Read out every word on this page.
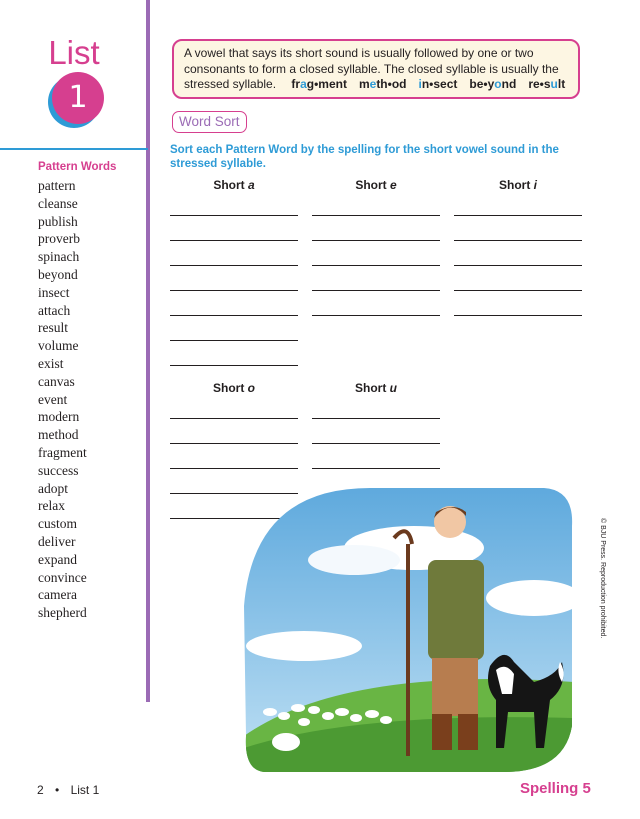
List
1
Pattern Words
pattern
cleanse
publish
proverb
spinach
beyond
insect
attach
result
volume
exist
canvas
event
modern
method
fragment
success
adopt
relax
custom
deliver
expand
convince
camera
shepherd
A vowel that says its short sound is usually followed by one or two consonants to form a closed syllable. The closed syllable is usually the stressed syllable. frag•ment meth•od in•sect be•yond re•sult
Word Sort
Sort each Pattern Word by the spelling for the short vowel sound in the stressed syllable.
Short a	Short e	Short i
Short o	Short u
2 • List 1	Spelling 5
© BJU Press. Reproduction prohibited.
